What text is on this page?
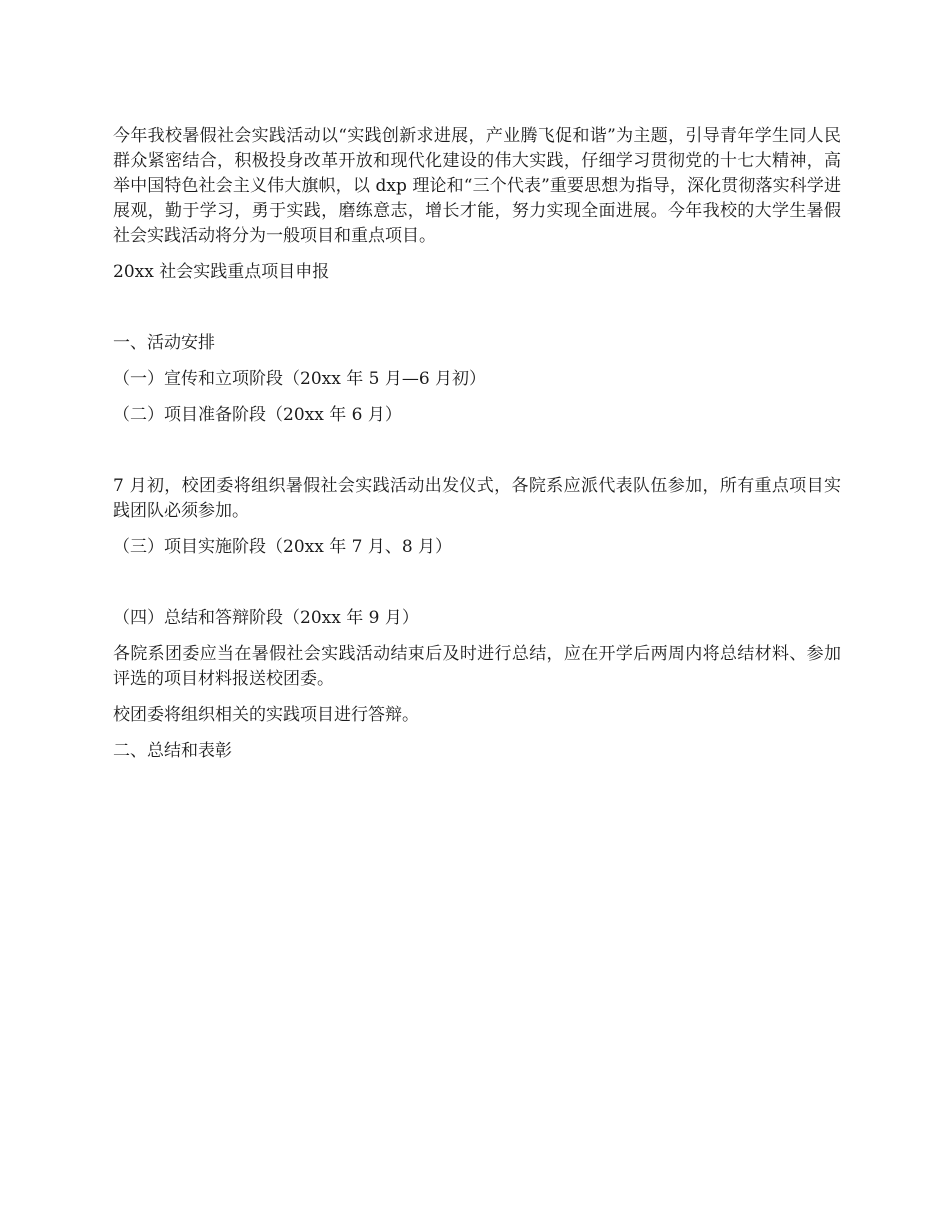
今年我校暑假社会实践活动以“实践创新求进展，产业腾飞促和谐”为主题，引导青年学生同人民群众紧密结合，积极投身改革开放和现代化建设的伟大实践，仔细学习贯彻党的十七大精神，高举中国特色社会主义伟大旗帜，以 dxp 理论和“三个代表”重要思想为指导，深化贯彻落实科学进展观，勤于学习，勇于实践，磨练意志，增长才能，努力实现全面进展。今年我校的大学生暑假社会实践活动将分为一般项目和重点项目。

20xx 社会实践重点项目申报

一、活动安排

（一）宣传和立项阶段（20xx 年 5 月—6 月初）

（二）项目准备阶段（20xx 年 6 月）

7 月初，校团委将组织暑假社会实践活动出发仪式，各院系应派代表队伍参加，所有重点项目实践团队必须参加。

（三）项目实施阶段（20xx 年 7 月、8 月）

（四）总结和答辩阶段（20xx 年 9 月）

各院系团委应当在暑假社会实践活动结束后及时进行总结，应在开学后两周内将总结材料、参加评选的项目材料报送校团委。

校团委将组织相关的实践项目进行答辩。

二、总结和表彰
